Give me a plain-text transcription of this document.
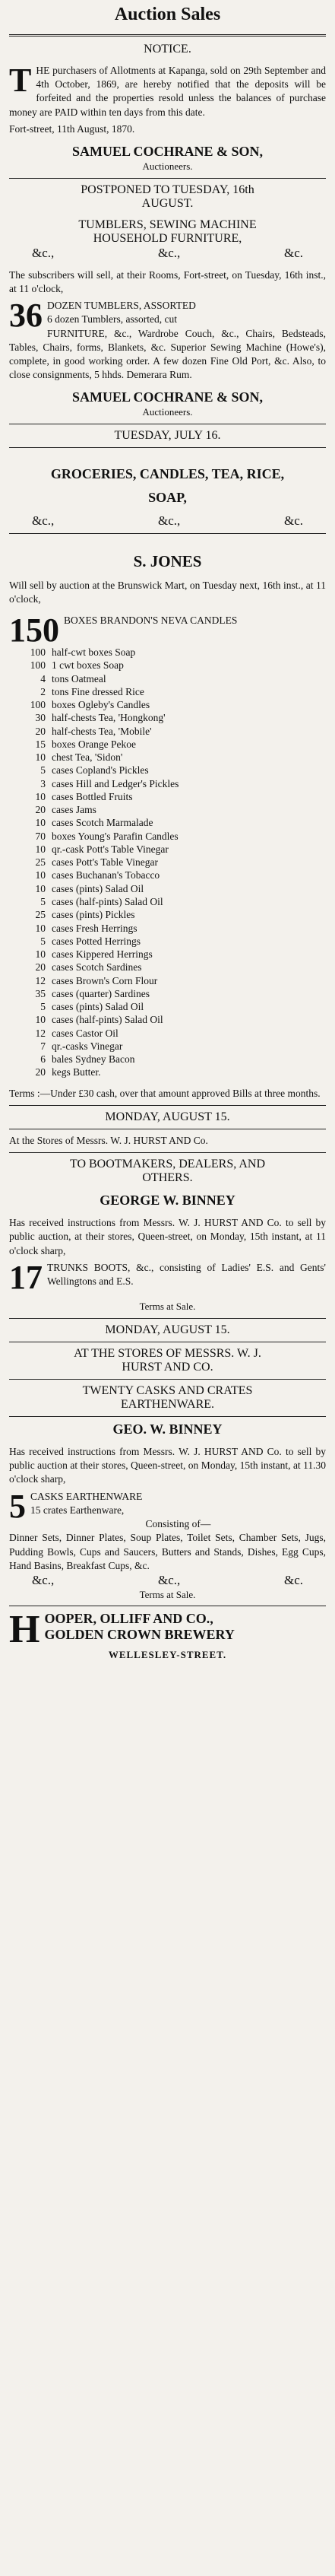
Auction Sales
NOTICE.
T HE purchasers of Allotments at Kapanga, sold on 29th September and 4th October, 1869, are hereby notified that the deposits will be forfeited and the properties resold unless the balances of purchase money are PAID within ten days from this date.
Fort-street, 11th August, 1870.
SAMUEL COCHRANE & SON,
Auctioneers.
POSTPONED TO TUESDAY, 16th
AUGUST.
TUMBLERS, SEWING MACHINE
HOUSEHOLD FURNITURE,
&c.,	&c.,	&c.
The subscribers will sell, at their Rooms, Fort-street, on Tuesday, 16th inst., at 11 o'clock,
36 DOZEN TUMBLERS, ASSORTED
6 dozen Tumblers, assorted, cut
FURNITURE, &c., Wardrobe Couch, &c., Chairs, Bedsteads, Tables, Chairs, forms, Blankets, &c. Superior Sewing Machine (Howe's), complete, in good working order. A few dozen Fine Old Port, &c. Also, to close consignments, 5 hhds. Demerara Rum.
SAMUEL COCHRANE & SON,
Auctioneers.
TUESDAY, JULY 16.
GROCERIES, CANDLES, TEA, RICE,
SOAP,
&c.,	&c.,	&c.
S. JONES
Will sell by auction at the Brunswick Mart, on Tuesday next, 16th inst., at 11 o'clock,
150 BOXES BRANDON'S NEVA CANDLES
100 half-cwt boxes Soap
100 1 cwt boxes Soap
4 tons Oatmeal
2 tons Fine dressed Rice
100 boxes Ogleby's Candles
30 half-chests Tea, 'Hongkong'
20 half-chests Tea, 'Mobile'
15 boxes Orange Pekoe
10 chest Tea, 'Sidon'
5 cases Copland's Pickles
3 cases Hill and Ledger's Pickles
10 cases Bottled Fruits
20 cases Jams
10 cases Scotch Marmalade
70 boxes Young's Parafin Candles
10 qr.-cask Pott's Table Vinegar
25 cases Pott's Table Vinegar
10 cases Buchanan's Tobacco
10 cases (pints) Salad Oil
5 cases (half-pints) Salad Oil
25 cases (pints) Pickles
10 cases Fresh Herrings
5 cases Potted Herrings
10 cases Kippered Herrings
20 cases Scotch Sardines
12 cases Brown's Corn Flour
35 cases (quarter) Sardines
5 cases (pints) Salad Oil
10 cases (half-pints) Salad Oil
12 cases Castor Oil
7 qr.-casks Vinegar
6 bales Sydney Bacon
20 kegs Butter.
Terms :—Under £30 cash, over that amount approved Bills at three months.
MONDAY, AUGUST 15.
At the Stores of Messrs. W. J. HURST AND Co.
TO BOOTMAKERS, DEALERS, AND
OTHERS.
GEORGE W. BINNEY
Has received instructions from Messrs. W. J. HURST AND Co. to sell by public auction, at their stores, Queen-street, on Monday, 15th instant, at 11 o'clock sharp,
17 TRUNKS BOOTS, &c., consisting of Ladies' E.S. and Gents' Wellingtons and E.S.
Terms at Sale.
MONDAY, AUGUST 15.
AT THE STORES OF MESSRS. W. J.
HURST AND CO.
TWENTY CASKS AND CRATES
EARTHENWARE.
GEO. W. BINNEY
Has received instructions from Messrs. W. J. HURST AND Co. to sell by public auction at their stores, Queen-street, on Monday, 15th instant, at 11.30 o'clock sharp,
5 CASKS EARTHENWARE
15 crates Earthenware,
Consisting of—
Dinner Sets, Dinner Plates, Soup Plates, Toilet Sets, Chamber Sets, Jugs, Pudding Bowls, Cups and Saucers, Butters and Stands, Dishes, Egg Cups, Hand Basins, Breakfast Cups, &c.
&c.,	&c.,	&c.
Terms at Sale.
H OOPER, OLLIFF AND CO.,
GOLDEN CROWN BREWERY
WELLESLEY-STREET.
